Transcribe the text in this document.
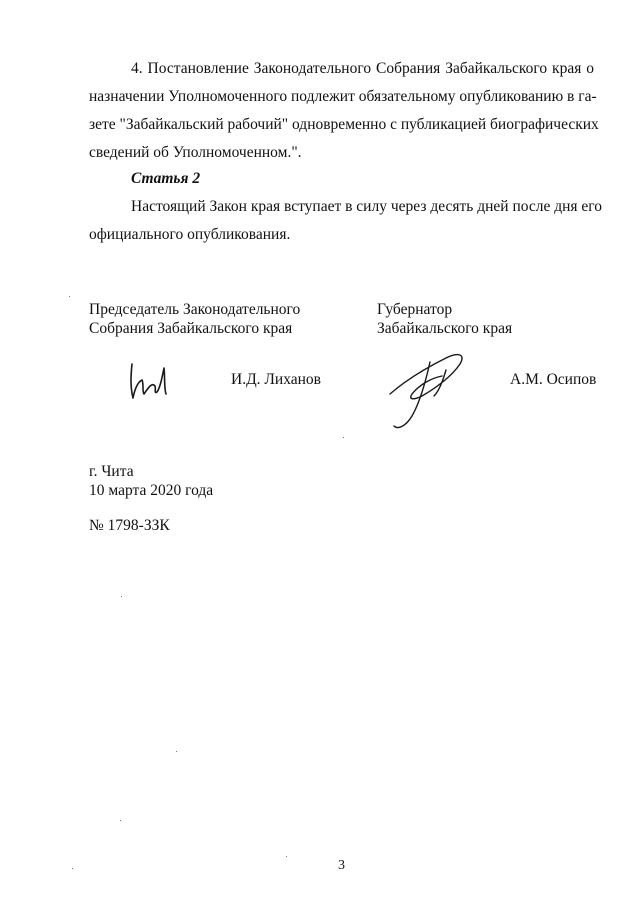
4. Постановление Законодательного Собрания Забайкальского края о
назначении Уполномоченного подлежит обязательному опубликованию в га-
зете "Забайкальский рабочий" одновременно с публикацией биографических
сведений об Уполномоченном.".
Статья 2
Настоящий Закон края вступает в силу через десять дней после дня его
официального опубликования.
Председатель Законодательного
Собрания Забайкальского края
Губернатор
Забайкальского края
И.Д. Лиханов	А.М. Осипов
г. Чита
10 марта 2020 года
№ 1798-ЗЗК
3
